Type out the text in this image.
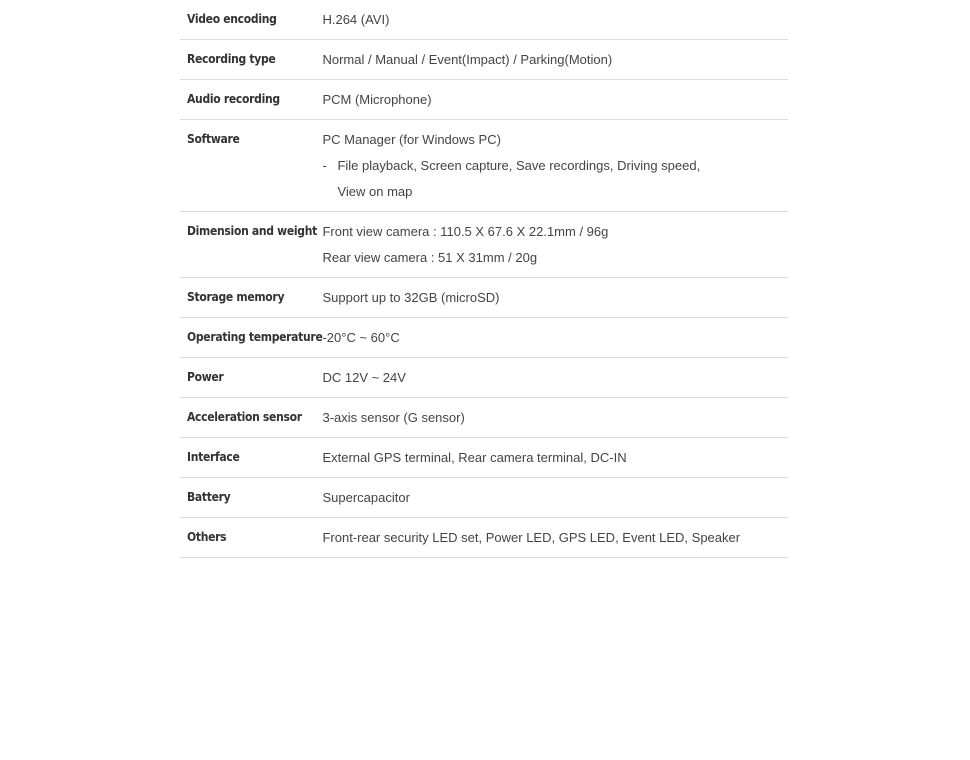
Video encoding	H.264 (AVI)

Recording type	Normal / Manual / Event(Impact) / Parking(Motion)

Audio recording	PCM (Microphone)

Software	PC Manager (for Windows PC)
- File playback, Screen capture, Save recordings, Driving speed,
View on map

Dimension and weight	Front view camera : 110.5 X 67.6 X 22.1mm / 96g
Rear view camera : 51 X 31mm / 20g

Storage memory	Support up to 32GB (microSD)

Operating temperature	-20°C ~ 60°C

Power	DC 12V ~ 24V

Acceleration sensor	3-axis sensor (G sensor)

Interface	External GPS terminal, Rear camera terminal, DC-IN

Battery	Supercapacitor

Others	Front-rear security LED set, Power LED, GPS LED, Event LED, Speaker
